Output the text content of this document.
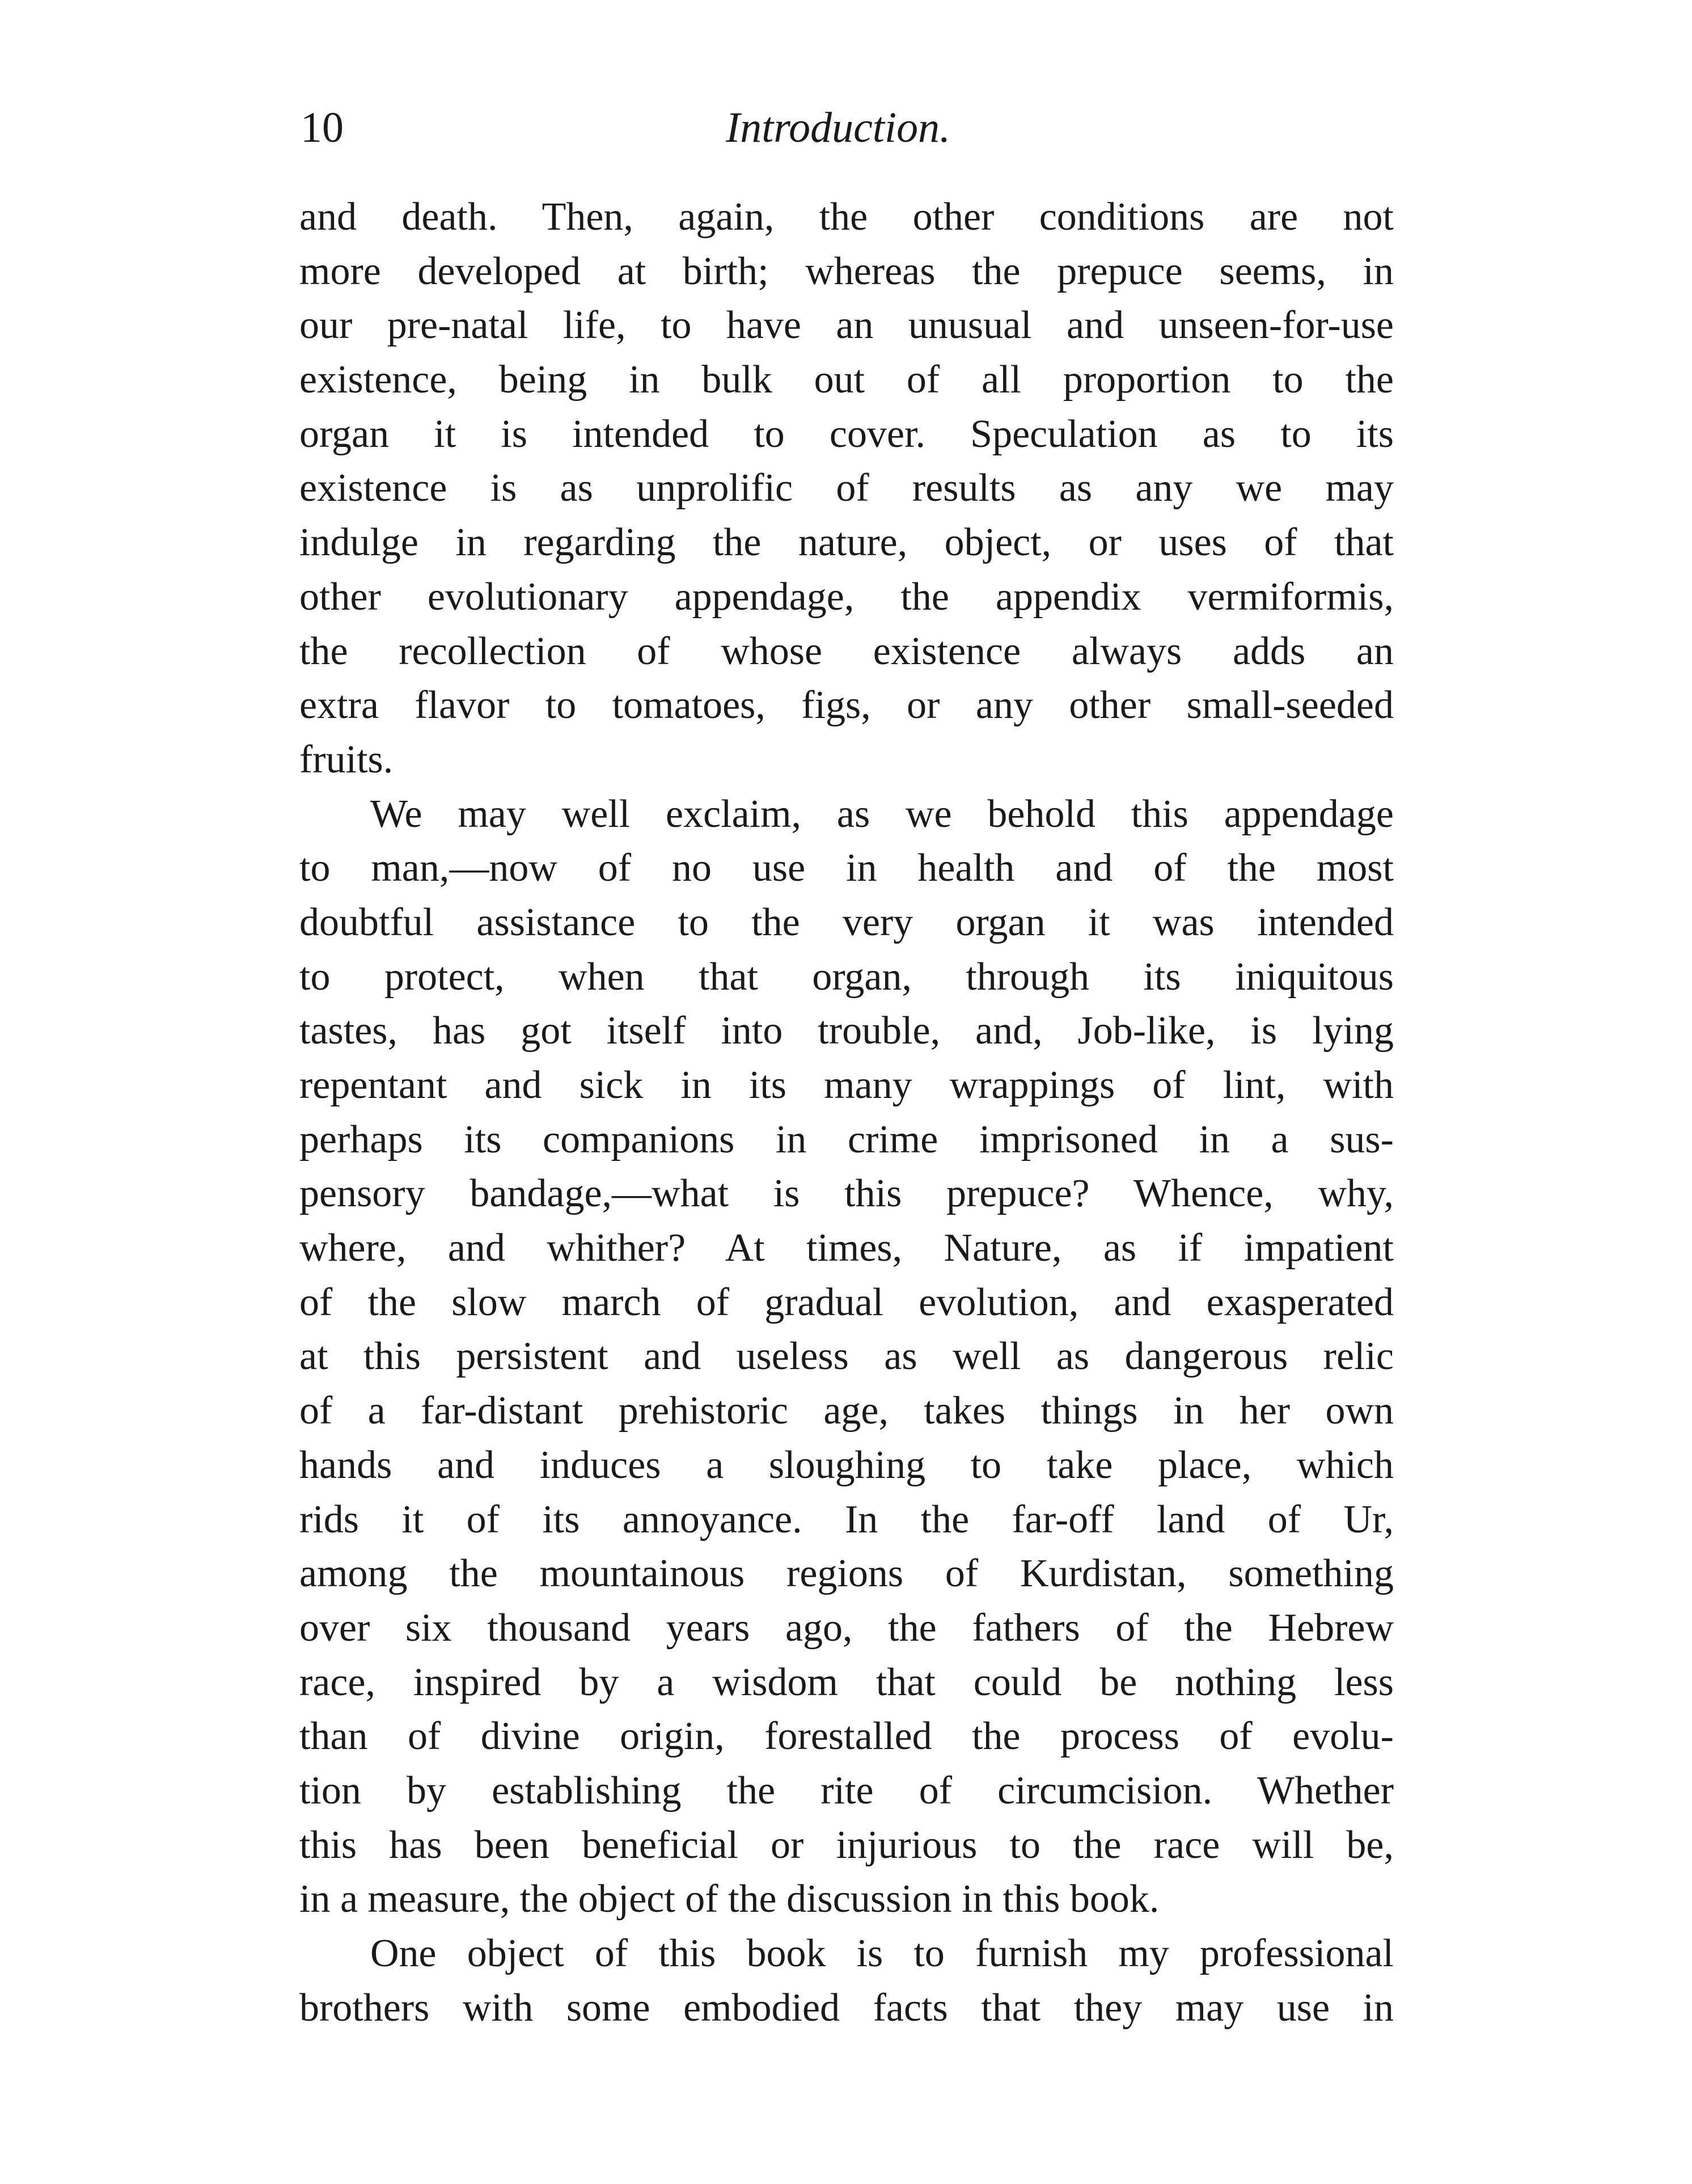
10	Introduction.
and death. Then, again, the other conditions are not
more developed at birth; whereas the prepuce seems, in
our pre-natal life, to have an unusual and unseen-for-use
existence, being in bulk out of all proportion to the
organ it is intended to cover. Speculation as to its
existence is as unprolific of results as any we may
indulge in regarding the nature, object, or uses of that
other evolutionary appendage, the appendix vermiformis,
the recollection of whose existence always adds an
extra flavor to tomatoes, figs, or any other small-seeded
fruits.
We may well exclaim, as we behold this appendage
to man,—now of no use in health and of the most
doubtful assistance to the very organ it was intended
to protect, when that organ, through its iniquitous
tastes, has got itself into trouble, and, Job-like, is lying
repentant and sick in its many wrappings of lint, with
perhaps its companions in crime imprisoned in a sus-
pensory bandage,—what is this prepuce? Whence, why,
where, and whither? At times, Nature, as if impatient
of the slow march of gradual evolution, and exasperated
at this persistent and useless as well as dangerous relic
of a far-distant prehistoric age, takes things in her own
hands and induces a sloughing to take place, which
rids it of its annoyance. In the far-off land of Ur,
among the mountainous regions of Kurdistan, something
over six thousand years ago, the fathers of the Hebrew
race, inspired by a wisdom that could be nothing less
than of divine origin, forestalled the process of evolu-
tion by establishing the rite of circumcision. Whether
this has been beneficial or injurious to the race will be,
in a measure, the object of the discussion in this book.
One object of this book is to furnish my professional
brothers with some embodied facts that they may use in
